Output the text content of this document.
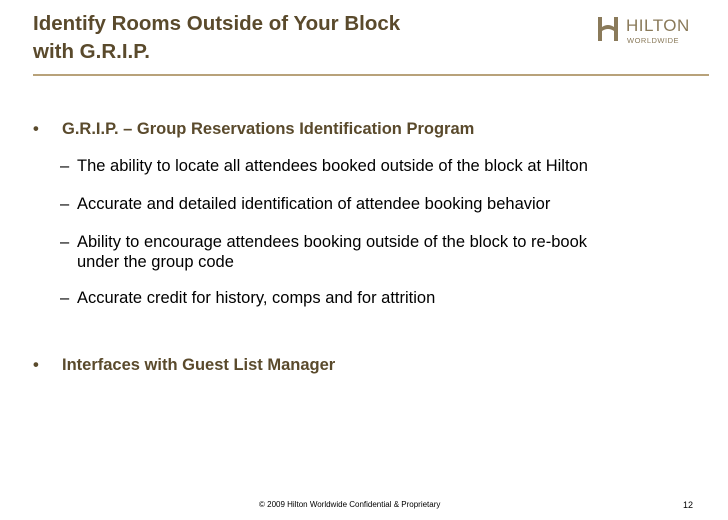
Identify Rooms Outside of Your Block
with G.R.I.P.
HILTON
WORLDWIDE
• G.R.I.P. – Group Reservations Identification Program
– The ability to locate all attendees booked outside of the block at Hilton
– Accurate and detailed identification of attendee booking behavior
– Ability to encourage attendees booking outside of the block to re-book
under the group code
– Accurate credit for history, comps and for attrition
• Interfaces with Guest List Manager
© 2009 Hilton Worldwide Confidential & Proprietary	12
